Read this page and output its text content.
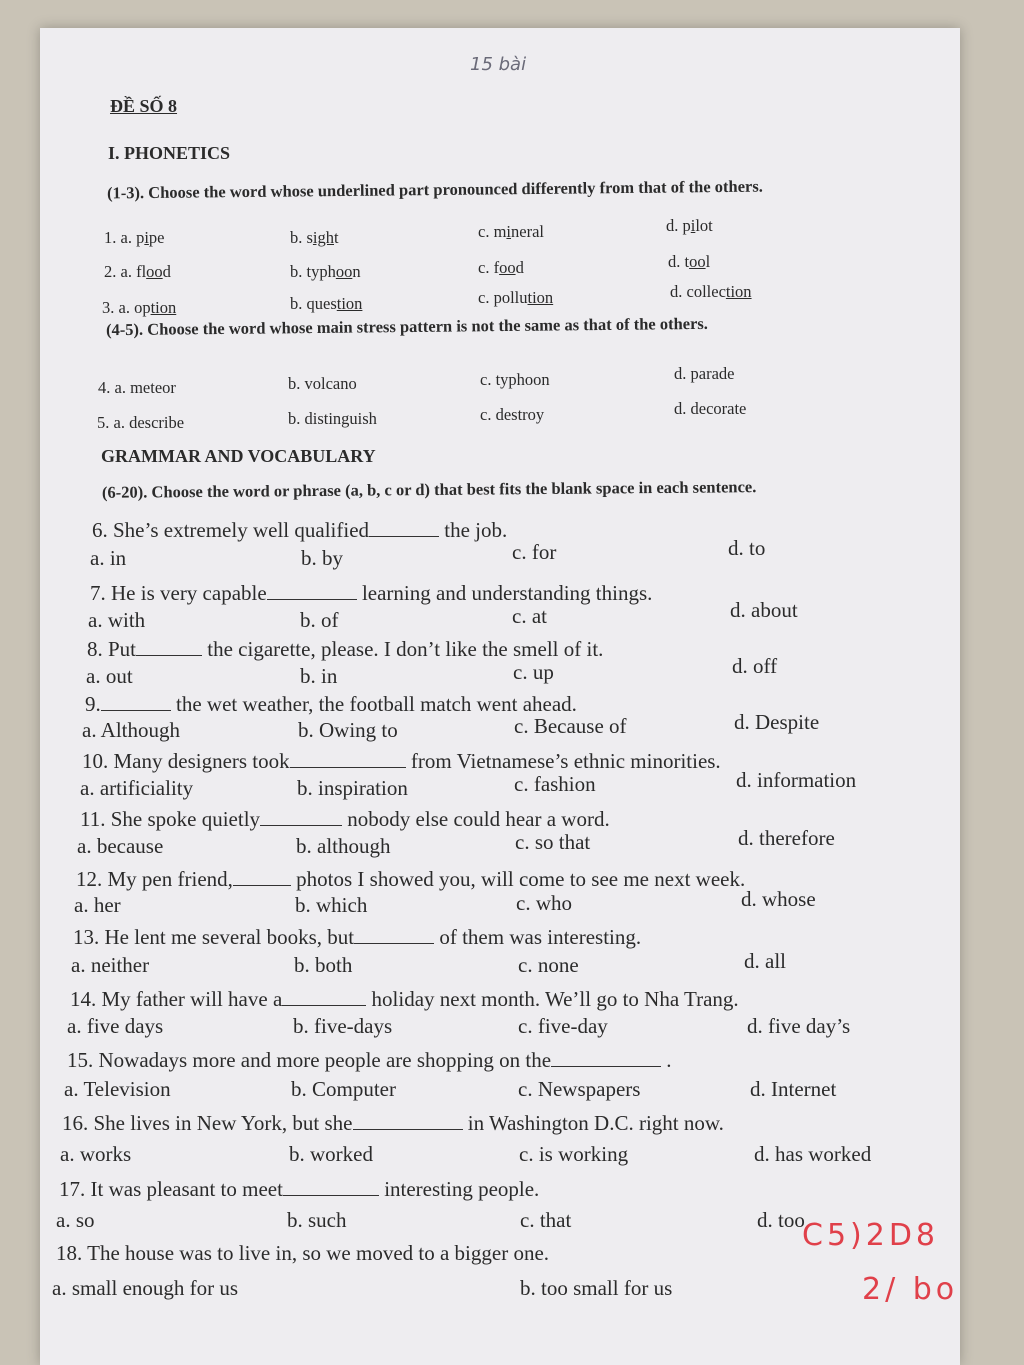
15 bài
ĐỀ SỐ 8
I. PHONETICS
(1-3). Choose the word whose underlined part pronounced differently from that of the others.
1. a. pipe	b. sight	c. mineral	d. pilot
2. a. flood	b. typhoon	c. food	d. tool
3. a. option	b. question	c. pollution	d. collection
(4-5). Choose the word whose main stress pattern is not the same as that of the others.
4. a. meteor	b. volcano	c. typhoon	d. parade
5. a. describe	b. distinguish	c. destroy	d. decorate
GRAMMAR AND VOCABULARY
(6-20). Choose the word or phrase (a, b, c or d) that best fits the blank space in each sentence.
6. She’s extremely well qualified	the job.
a. in	b. by	c. for	d. to
7. He is very capable	learning and understanding things.
a. with	b. of	c. at	d. about
8. Put	the cigarette, please. I don’t like the smell of it.
a. out	b. in	c. up	d. off
9.	the wet weather, the football match went ahead.
a. Although	b. Owing to	c. Because of	d. Despite
10. Many designers took	from Vietnamese’s ethnic minorities.
a. artificiality	b. inspiration	c. fashion	d. information
11. She spoke quietly	nobody else could hear a word.
a. because	b. although	c. so that	d. therefore
12. My pen friend,	photos I showed you, will come to see me next week.
a. her	b. which	c. who	d. whose
13. He lent me several books, but	of them was interesting.
a. neither	b. both	c. none	d. all
14. My father will have a	holiday next month. We’ll go to Nha Trang.
a. five days	b. five-days	c. five-day	d. five day’s
15. Nowadays more and more people are shopping on the	.
a. Television	b. Computer	c. Newspapers	d. Internet
16. She lives in New York, but she	in Washington D.C. right now.
a. works	b. worked	c. is working	d. has worked
17. It was pleasant to meet	interesting people.
a. so	b. such	c. that	d. too
18. The house was to live in, so we moved to a bigger one.
a. small enough for us	b. too small for us
C5)2D8
2/ bo
